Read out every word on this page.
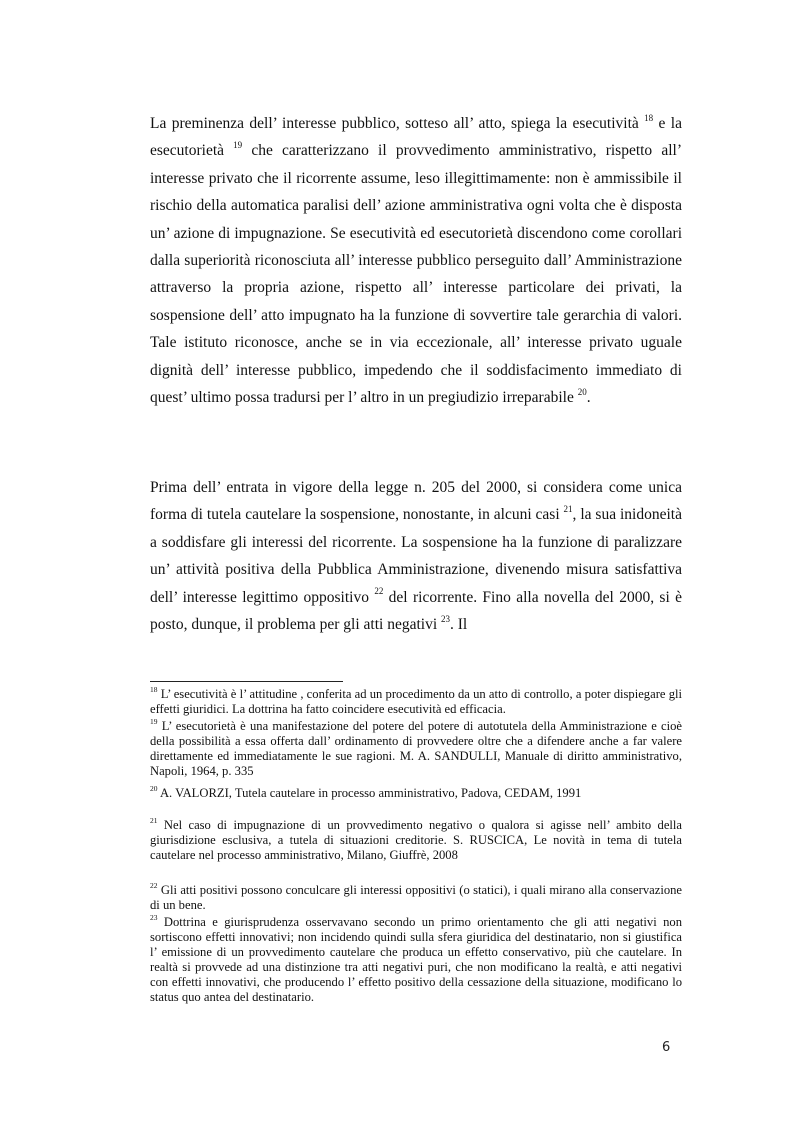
La preminenza dell’ interesse pubblico, sotteso all’ atto, spiega la esecutività $^{18}$ e la esecutorietà $^{19}$ che caratterizzano il provvedimento amministrativo, rispetto all’ interesse privato che il ricorrente assume, leso illegittimamente: non è ammissibile il rischio della automatica paralisi dell’ azione amministrativa ogni volta che è disposta un’ azione di impugnazione. Se esecutività ed esecutorietà discendono come corollari dalla superiorità riconosciuta all’ interesse pubblico perseguito dall’ Amministrazione attraverso la propria azione, rispetto all’ interesse particolare dei privati, la sospensione dell’ atto impugnato ha la funzione di sovvertire tale gerarchia di valori. Tale istituto riconosce, anche se in via eccezionale, all’ interesse privato uguale dignità dell’ interesse pubblico, impedendo che il soddisfacimento immediato di quest’ ultimo possa tradursi per l’ altro in un pregiudizio irreparabile $^{20}$.

Prima dell’ entrata in vigore della legge n. 205 del 2000, si considera come unica forma di tutela cautelare la sospensione, nonostante, in alcuni casi $^{21}$, la sua inidoneità a soddisfare gli interessi del ricorrente. La sospensione ha la funzione di paralizzare un’ attività positiva della Pubblica Amministrazione, divenendo misura satisfattiva dell’ interesse legittimo oppositivo $^{22}$ del ricorrente. Fino alla novella del 2000, si è posto, dunque, il problema per gli atti negativi $^{23}$. Il

$^{18}$ L’ esecutività è l’ attitudine , conferita ad un procedimento da un atto di controllo, a poter dispiegare gli effetti giuridici. La dottrina ha fatto coincidere esecutività ed efficacia.
$^{19}$ L’ esecutorietà è una manifestazione del potere del potere di autotutela della Amministrazione e cioè della possibilità a essa offerta dall’ ordinamento di provvedere oltre che a difendere anche a far valere direttamente ed immediatamente le sue ragioni. M. A. SANDULLI, Manuale di diritto amministrativo, Napoli, 1964, p. 335
$^{20}$ A. VALORZI, Tutela cautelare in processo amministrativo, Padova, CEDAM, 1991
$^{21}$ Nel caso di impugnazione di un provvedimento negativo o qualora si agisse nell’ ambito della giurisdizione esclusiva, a tutela di situazioni creditorie. S. RUSCICA, Le novità in tema di tutela cautelare nel processo amministrativo, Milano, Giuffrè, 2008
$^{22}$ Gli atti positivi possono conculcare gli interessi oppositivi (o statici), i quali mirano alla conservazione di un bene.
$^{23}$ Dottrina e giurisprudenza osservavano secondo un primo orientamento che gli atti negativi non sortiscono effetti innovativi; non incidendo quindi sulla sfera giuridica del destinatario, non si giustifica l’ emissione di un provvedimento cautelare che produca un effetto conservativo, più che cautelare. In realtà si provvede ad una distinzione tra atti negativi puri, che non modificano la realtà, e atti negativi con effetti innovativi, che producendo l’ effetto positivo della cessazione della situazione, modificano lo status quo antea del destinatario.
6
